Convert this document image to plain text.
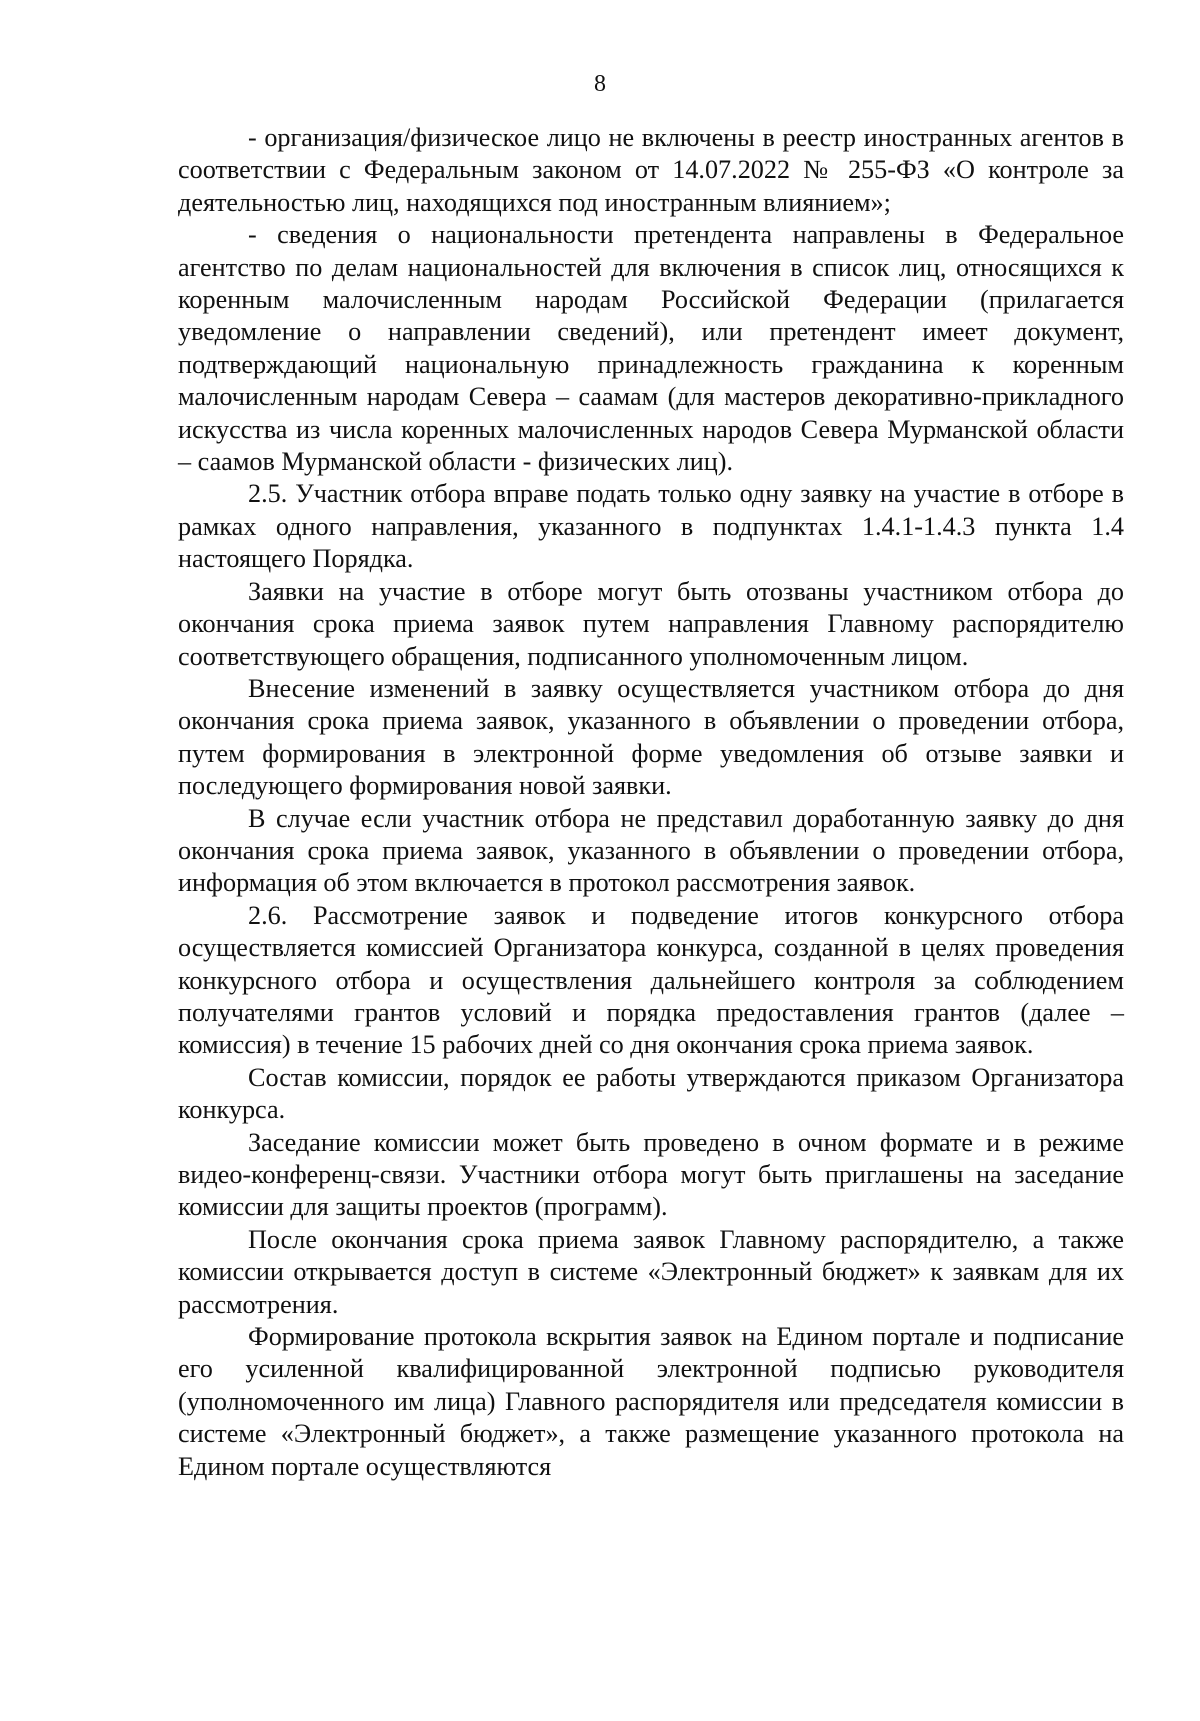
8

- организация/физическое лицо не включены в реестр иностранных агентов в соответствии с Федеральным законом от 14.07.2022 № 255-ФЗ «О контроле за деятельностью лиц, находящихся под иностранным влиянием»;

- сведения о национальности претендента направлены в Федеральное агентство по делам национальностей для включения в список лиц, относящихся к коренным малочисленным народам Российской Федерации (прилагается уведомление о направлении сведений), или претендент имеет документ, подтверждающий национальную принадлежность гражданина к коренным малочисленным народам Севера – саамам (для мастеров декоративно-прикладного искусства из числа коренных малочисленных народов Севера Мурманской области – саамов Мурманской области - физических лиц).

2.5. Участник отбора вправе подать только одну заявку на участие в отборе в рамках одного направления, указанного в подпунктах 1.4.1-1.4.3 пункта 1.4 настоящего Порядка.

Заявки на участие в отборе могут быть отозваны участником отбора до окончания срока приема заявок путем направления Главному распорядителю соответствующего обращения, подписанного уполномоченным лицом.

Внесение изменений в заявку осуществляется участником отбора до дня окончания срока приема заявок, указанного в объявлении о проведении отбора, путем формирования в электронной форме уведомления об отзыве заявки и последующего формирования новой заявки.

В случае если участник отбора не представил доработанную заявку до дня окончания срока приема заявок, указанного в объявлении о проведении отбора, информация об этом включается в протокол рассмотрения заявок.

2.6. Рассмотрение заявок и подведение итогов конкурсного отбора осуществляется комиссией Организатора конкурса, созданной в целях проведения конкурсного отбора и осуществления дальнейшего контроля за соблюдением получателями грантов условий и порядка предоставления грантов (далее – комиссия) в течение 15 рабочих дней со дня окончания срока приема заявок.

Состав комиссии, порядок ее работы утверждаются приказом Организатора конкурса.

Заседание комиссии может быть проведено в очном формате и в режиме видео-конференц-связи. Участники отбора могут быть приглашены на заседание комиссии для защиты проектов (программ).

После окончания срока приема заявок Главному распорядителю, а также комиссии открывается доступ в системе «Электронный бюджет» к заявкам для их рассмотрения.

Формирование протокола вскрытия заявок на Едином портале и подписание его усиленной квалифицированной электронной подписью руководителя (уполномоченного им лица) Главного распорядителя или председателя комиссии в системе «Электронный бюджет», а также размещение указанного протокола на Едином портале осуществляются
